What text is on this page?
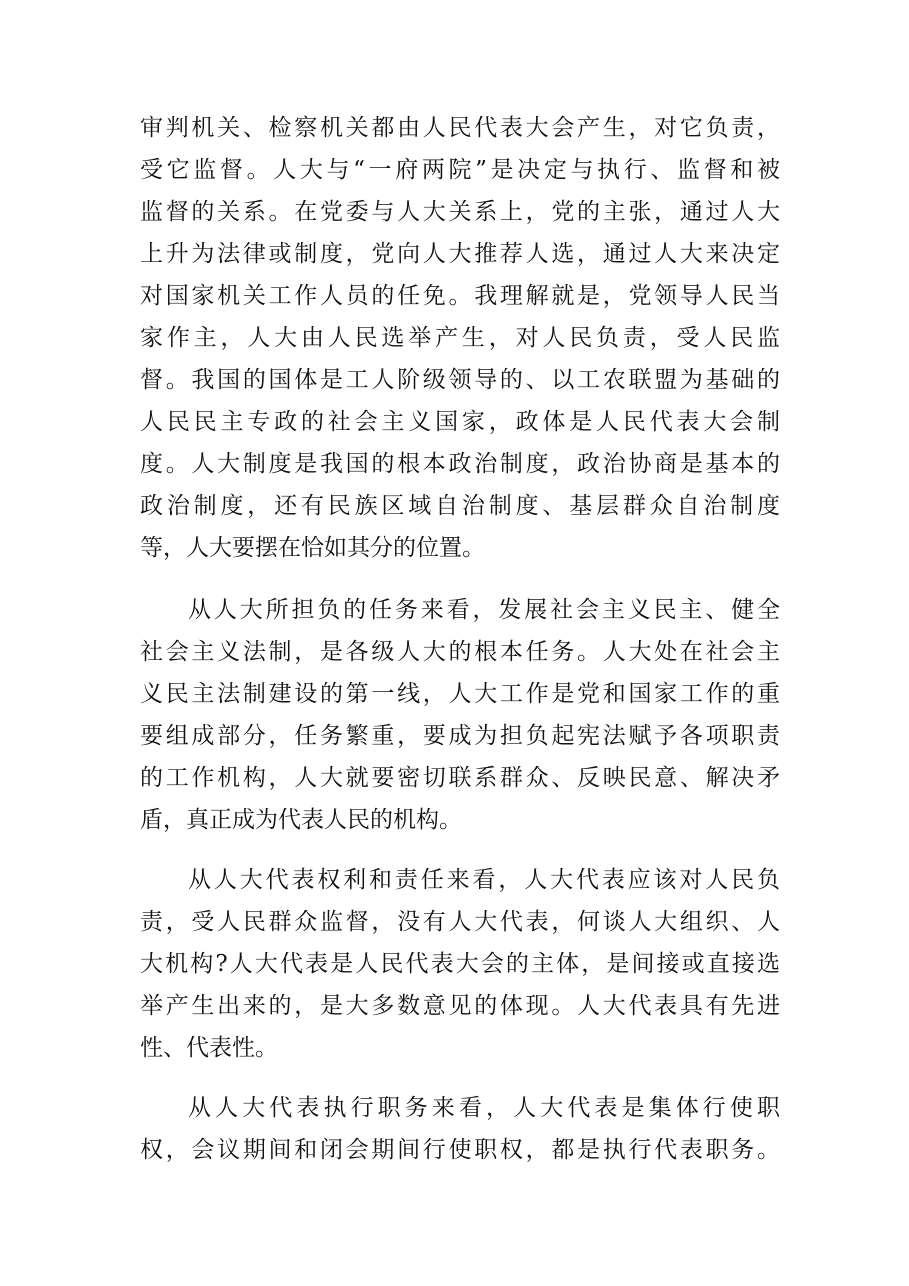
审判机关、检察机关都由人民代表大会产生，对它负责，

受它监督。人大与“一府两院”是决定与执行、监督和被

监督的关系。在党委与人大关系上，党的主张，通过人大

上升为法律或制度，党向人大推荐人选，通过人大来决定

对国家机关工作人员的任免。我理解就是，党领导人民当

家作主，人大由人民选举产生，对人民负责，受人民监

督。我国的国体是工人阶级领导的、以工农联盟为基础的

人民民主专政的社会主义国家，政体是人民代表大会制

度。人大制度是我国的根本政治制度，政治协商是基本的

政治制度，还有民族区域自治制度、基层群众自治制度

等，人大要摆在恰如其分的位置。

从人大所担负的任务来看，发展社会主义民主、健全

社会主义法制，是各级人大的根本任务。人大处在社会主

义民主法制建设的第一线，人大工作是党和国家工作的重

要组成部分，任务繁重，要成为担负起宪法赋予各项职责

的工作机构，人大就要密切联系群众、反映民意、解决矛

盾，真正成为代表人民的机构。

从人大代表权利和责任来看，人大代表应该对人民负

责，受人民群众监督，没有人大代表，何谈人大组织、人

大机构?人大代表是人民代表大会的主体，是间接或直接选

举产生出来的，是大多数意见的体现。人大代表具有先进

性、代表性。

从人大代表执行职务来看，人大代表是集体行使职

权，会议期间和闭会期间行使职权，都是执行代表职务。
